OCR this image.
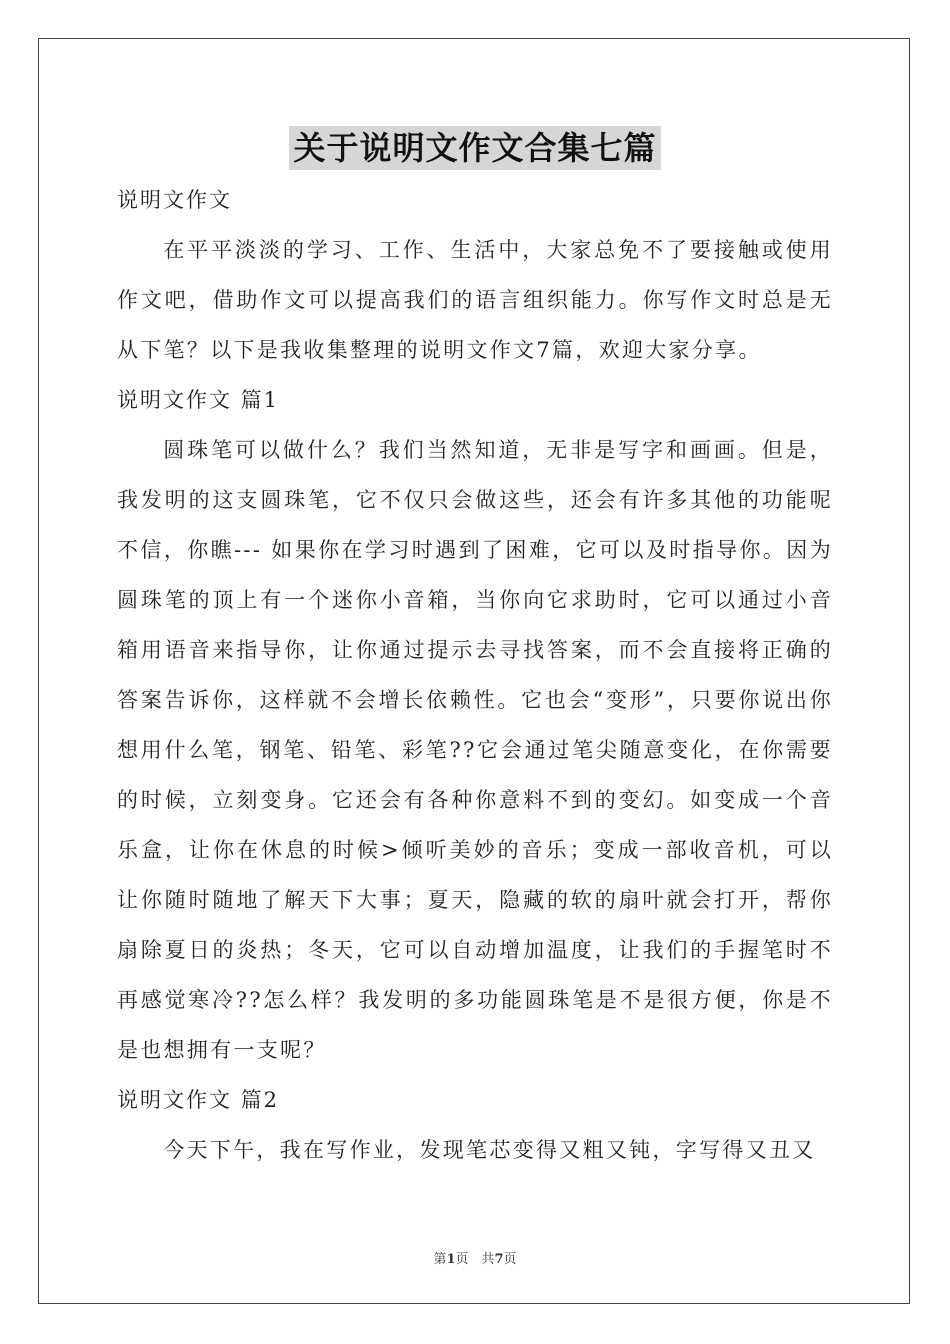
关于说明文作文合集七篇

说明文作文

在平平淡淡的学习、工作、生活中，大家总免不了要接触或使用作文吧，借助作文可以提高我们的语言组织能力。你写作文时总是无从下笔？以下是我收集整理的说明文作文7篇，欢迎大家分享。

说明文作文 篇1

圆珠笔可以做什么？我们当然知道，无非是写字和画画。但是，我发明的这支圆珠笔，它不仅只会做这些，还会有许多其他的功能呢不信，你瞧--- 如果你在学习时遇到了困难，它可以及时指导你。因为圆珠笔的顶上有一个迷你小音箱，当你向它求助时，它可以通过小音箱用语音来指导你，让你通过提示去寻找答案，而不会直接将正确的答案告诉你，这样就不会增长依赖性。它也会“变形”，只要你说出你想用什么笔，钢笔、铅笔、彩笔??它会通过笔尖随意变化，在你需要的时候，立刻变身。它还会有各种你意料不到的变幻。如变成一个音乐盒，让你在休息的时候>倾听美妙的音乐；变成一部收音机，可以让你随时随地了解天下大事；夏天，隐藏的软的扇叶就会打开，帮你扇除夏日的炎热；冬天，它可以自动增加温度，让我们的手握笔时不再感觉寒冷??怎么样？我发明的多功能圆珠笔是不是很方便，你是不是也想拥有一支呢？

说明文作文 篇2

今天下午，我在写作业，发现笔芯变得又粗又钝，字写得又丑又

第1页　共7页
